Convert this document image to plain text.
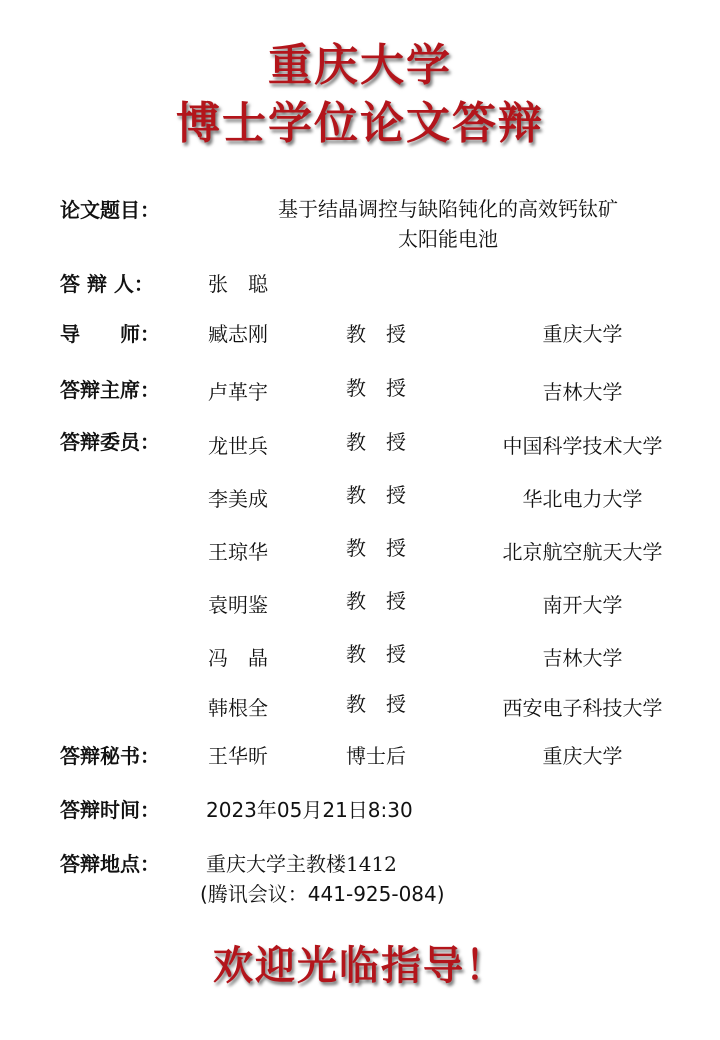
重庆大学
博士学位论文答辩
论文题目：	基于结晶调控与缺陷钝化的高效钙钛矿
太阳能电池
答 辩 人：	张　聪
导　　师：	臧志刚	教　授	重庆大学
答辩主席：	卢革宇	教　授	吉林大学
答辩委员：	龙世兵	教　授	中国科学技术大学
李美成	教　授	华北电力大学
王琼华	教　授	北京航空航天大学
袁明鉴	教　授	南开大学
冯　晶	教　授	吉林大学
韩根全	教　授	西安电子科技大学
答辩秘书：	王华昕	博士后	重庆大学
答辩时间：	2023年05月21日8:30
答辩地点：	重庆大学主教楼1412
(腾讯会议：441-925-084)
欢迎光临指导！
